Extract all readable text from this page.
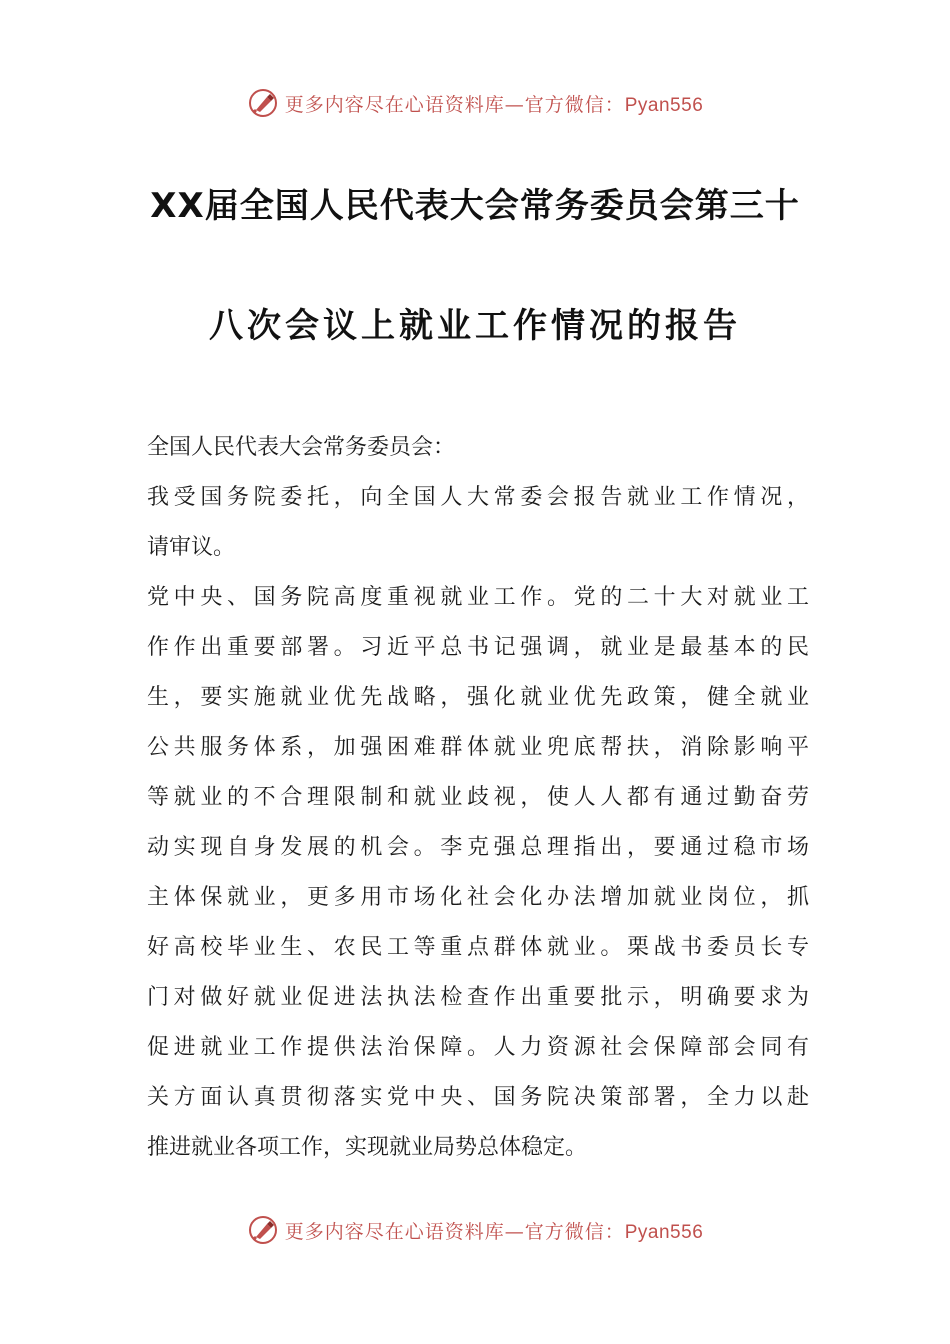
更多内容尽在心语资料库—官方微信：Pyan556
XX届全国人民代表大会常务委员会第三十
八次会议上就业工作情况的报告
全国人民代表大会常务委员会：
我受国务院委托，向全国人大常委会报告就业工作情况，
请审议。
党中央、国务院高度重视就业工作。党的二十大对就业工
作作出重要部署。习近平总书记强调，就业是最基本的民
生，要实施就业优先战略，强化就业优先政策，健全就业
公共服务体系，加强困难群体就业兜底帮扶，消除影响平
等就业的不合理限制和就业歧视，使人人都有通过勤奋劳
动实现自身发展的机会。李克强总理指出，要通过稳市场
主体保就业，更多用市场化社会化办法增加就业岗位，抓
好高校毕业生、农民工等重点群体就业。栗战书委员长专
门对做好就业促进法执法检查作出重要批示，明确要求为
促进就业工作提供法治保障。人力资源社会保障部会同有
关方面认真贯彻落实党中央、国务院决策部署，全力以赴
推进就业各项工作，实现就业局势总体稳定。
更多内容尽在心语资料库—官方微信：Pyan556
